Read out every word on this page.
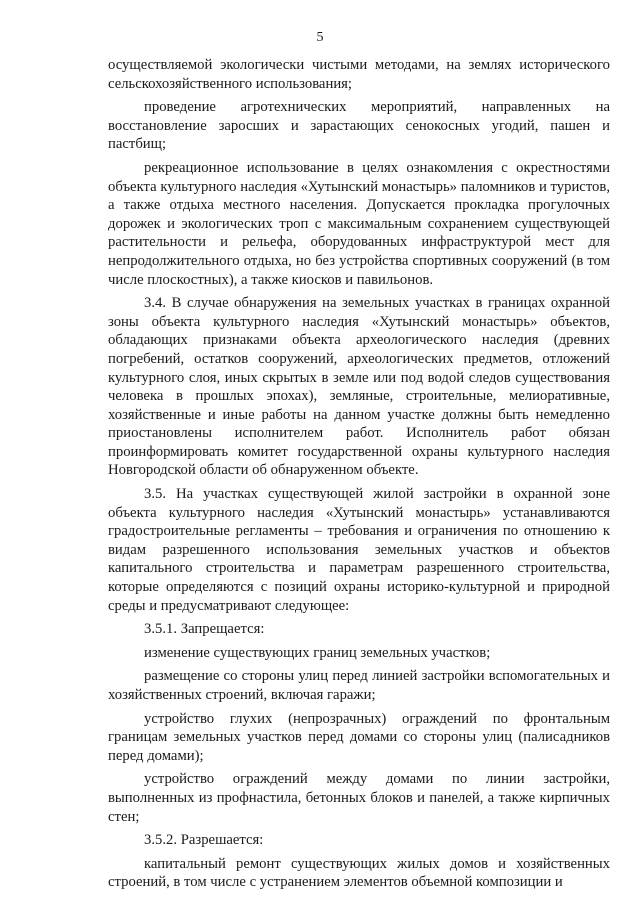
5

осуществляемой экологически чистыми методами, на землях исторического сельскохозяйственного использования;

проведение агротехнических мероприятий, направленных на восстановление заросших и зарастающих сенокосных угодий, пашен и пастбищ;

рекреационное использование в целях ознакомления с окрестностями объекта культурного наследия «Хутынский монастырь» паломников и туристов, а также отдыха местного населения. Допускается прокладка прогулочных дорожек и экологических троп с максимальным сохранением существующей растительности и рельефа, оборудованных инфраструктурой мест для непродолжительного отдыха, но без устройства спортивных сооружений (в том числе плоскостных), а также киосков и павильонов.

3.4. В случае обнаружения на земельных участках в границах охранной зоны объекта культурного наследия «Хутынский монастырь» объектов, обладающих признаками объекта археологического наследия (древних погребений, остатков сооружений, археологических предметов, отложений культурного слоя, иных скрытых в земле или под водой следов существования человека в прошлых эпохах), земляные, строительные, мелиоративные, хозяйственные и иные работы на данном участке должны быть немедленно приостановлены исполнителем работ. Исполнитель работ обязан проинформировать комитет государственной охраны культурного наследия Новгородской области об обнаруженном объекте.

3.5. На участках существующей жилой застройки в охранной зоне объекта культурного наследия «Хутынский монастырь» устанавливаются градостроительные регламенты – требования и ограничения по отношению к видам разрешенного использования земельных участков и объектов капитального строительства и параметрам разрешенного строительства, которые определяются с позиций охраны историко-культурной и природной среды и предусматривают следующее:

3.5.1. Запрещается:

изменение существующих границ земельных участков;

размещение со стороны улиц перед линией застройки вспомогательных и хозяйственных строений, включая гаражи;

устройство глухих (непрозрачных) ограждений по фронтальным границам земельных участков перед домами со стороны улиц (палисадников перед домами);

устройство ограждений между домами по линии застройки, выполненных из профнастила, бетонных блоков и панелей, а также кирпичных стен;

3.5.2. Разрешается:

капитальный ремонт существующих жилых домов и хозяйственных строений, в том числе с устранением элементов объемной композиции и
